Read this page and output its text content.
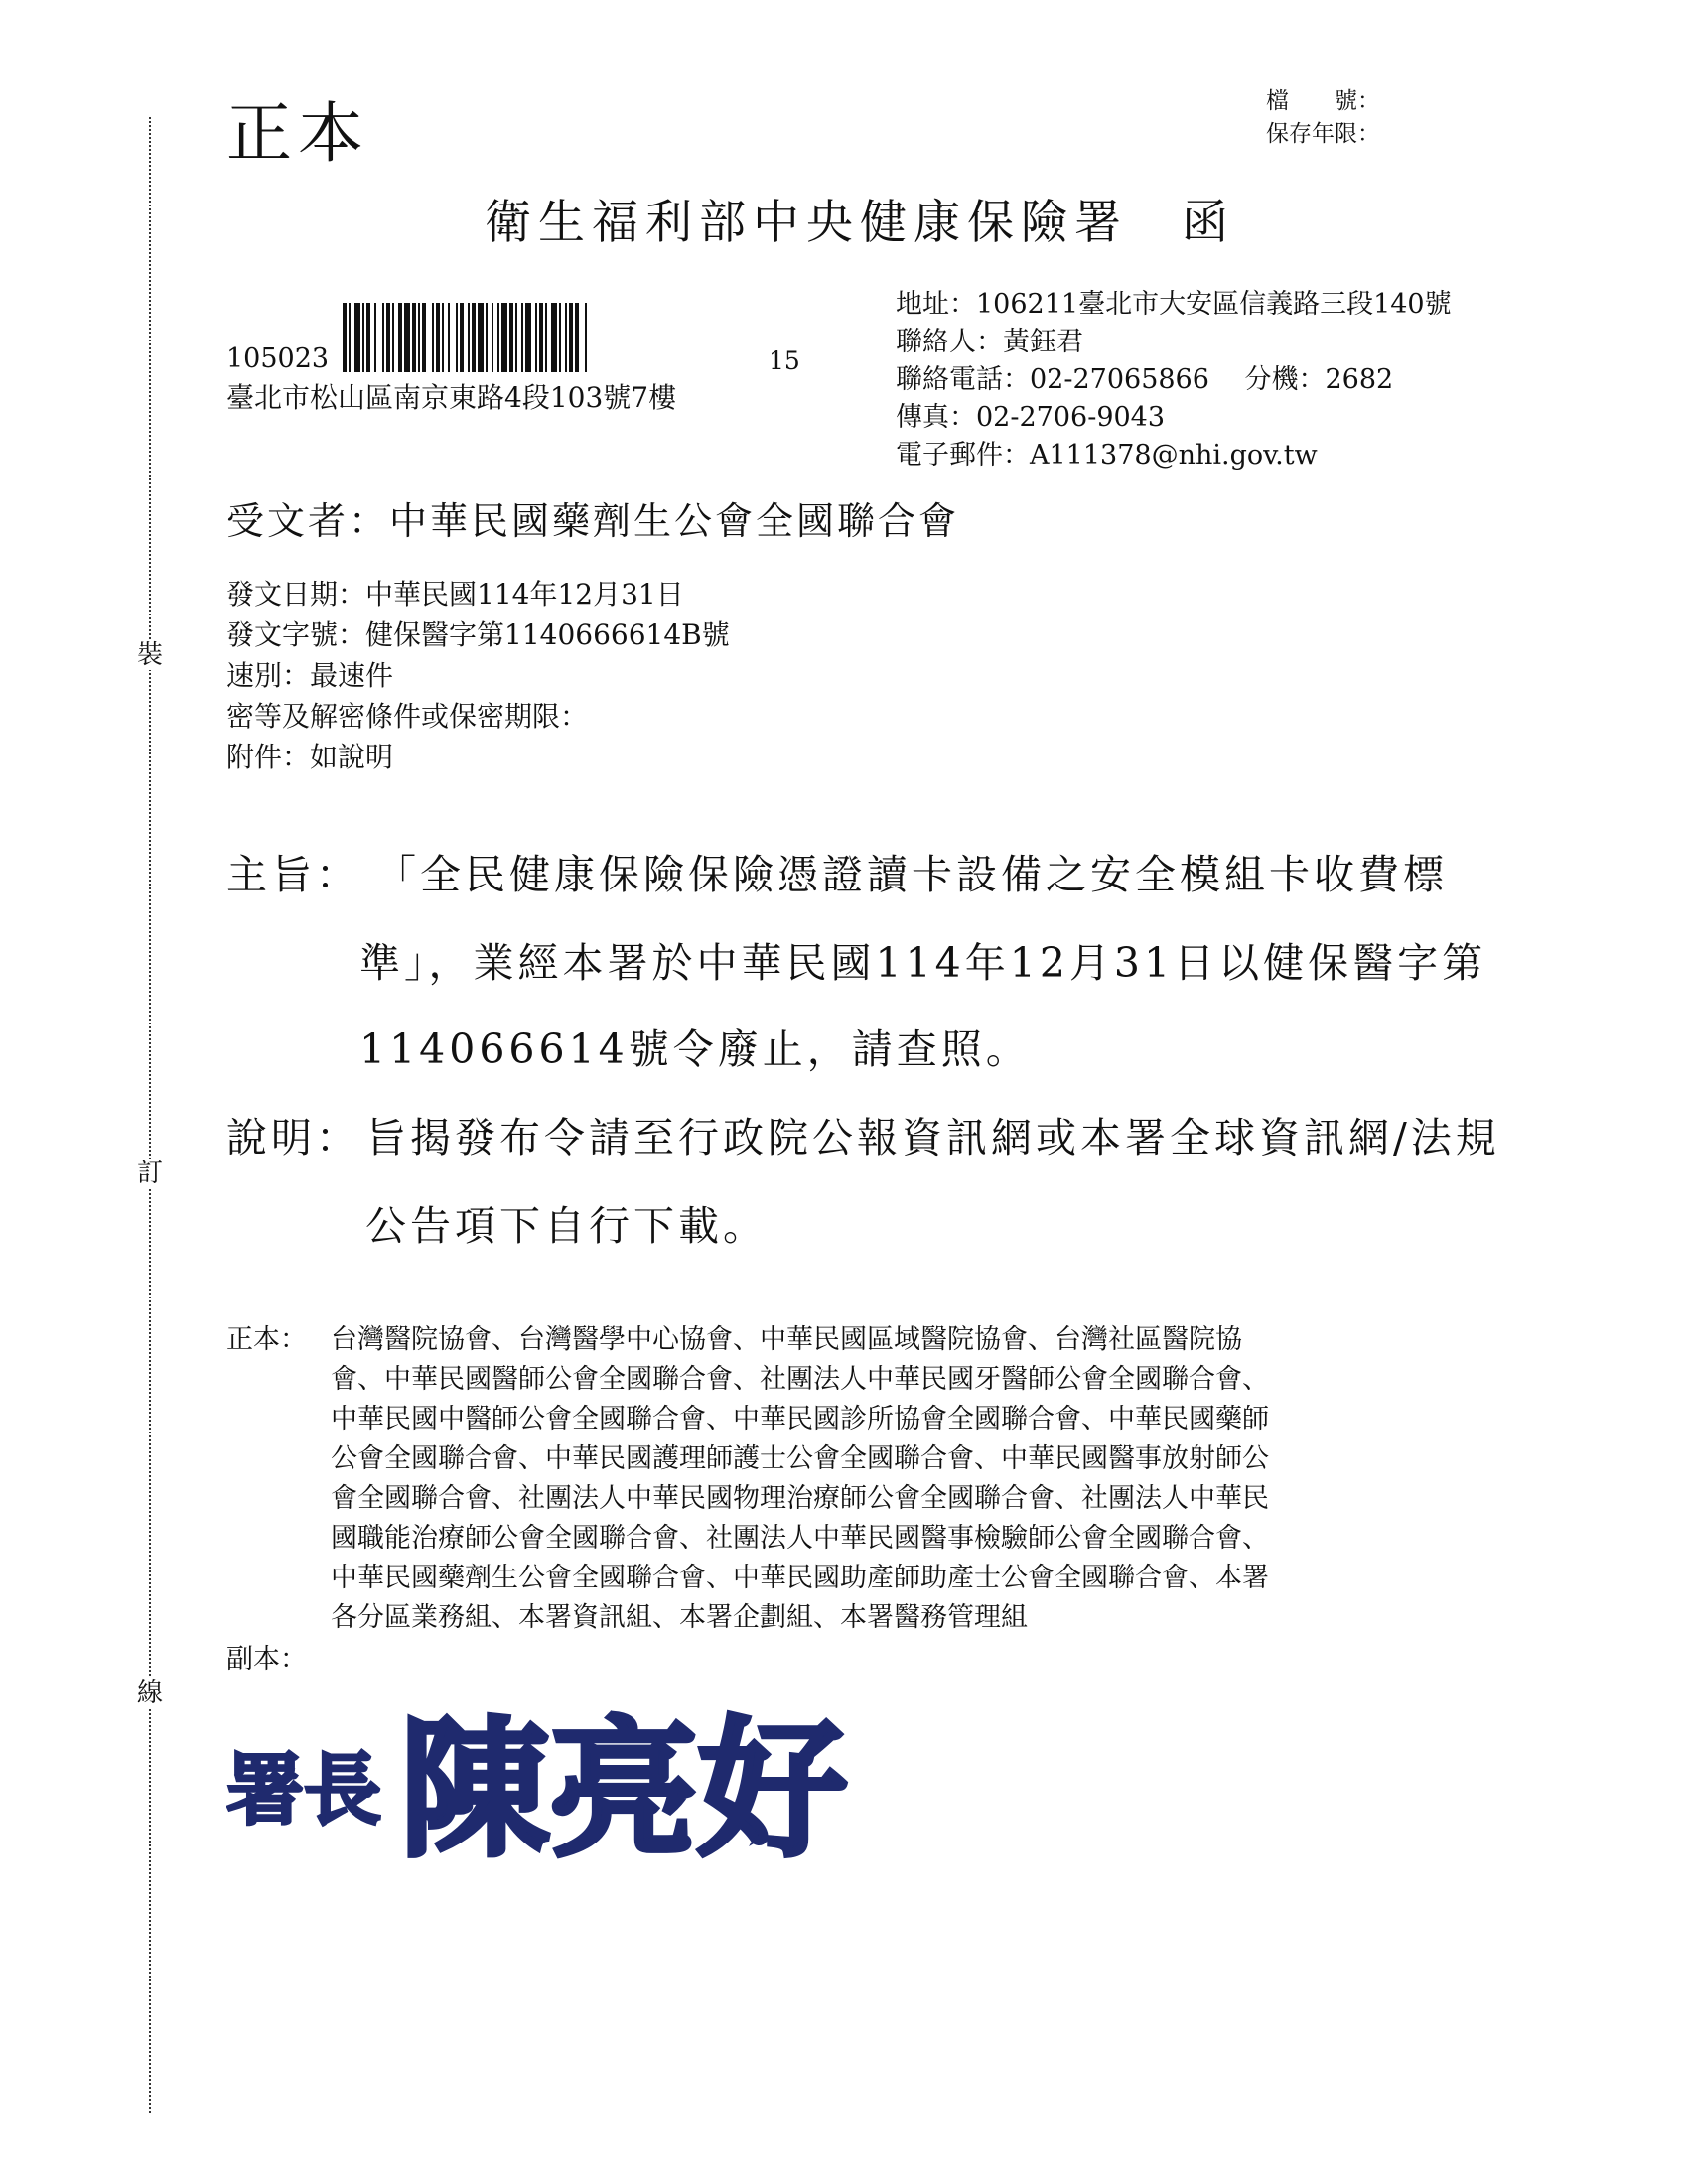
裝
訂
線
正本	檔　　號：
保存年限：
衛生福利部中央健康保險署　函
105023	15
臺北市松山區南京東路4段103號7樓
地址：106211臺北市大安區信義路三段140號
聯絡人：黃鈺君
聯絡電話：02-27065866　 分機：2682
傳真：02-2706-9043
電子郵件：A111378@nhi.gov.tw
受文者：中華民國藥劑生公會全國聯合會
發文日期：中華民國114年12月31日
發文字號：健保醫字第1140666614B號
速別：最速件
密等及解密條件或保密期限：
附件：如說明
主旨： 「全民健康保險保險憑證讀卡設備之安全模組卡收費標
準」，業經本署於中華民國114年12月31日以健保醫字第
114066614號令廢止，請查照。
說明： 旨揭發布令請至行政院公報資訊網或本署全球資訊網/法規
公告項下自行下載。
正本： 台灣醫院協會、台灣醫學中心協會、中華民國區域醫院協會、台灣社區醫院協
會、中華民國醫師公會全國聯合會、社團法人中華民國牙醫師公會全國聯合會、
中華民國中醫師公會全國聯合會、中華民國診所協會全國聯合會、中華民國藥師
公會全國聯合會、中華民國護理師護士公會全國聯合會、中華民國醫事放射師公
會全國聯合會、社團法人中華民國物理治療師公會全國聯合會、社團法人中華民
國職能治療師公會全國聯合會、社團法人中華民國醫事檢驗師公會全國聯合會、
中華民國藥劑生公會全國聯合會、中華民國助產師助產士公會全國聯合會、本署
各分區業務組、本署資訊組、本署企劃組、本署醫務管理組
副本：
署長 陳亮好
